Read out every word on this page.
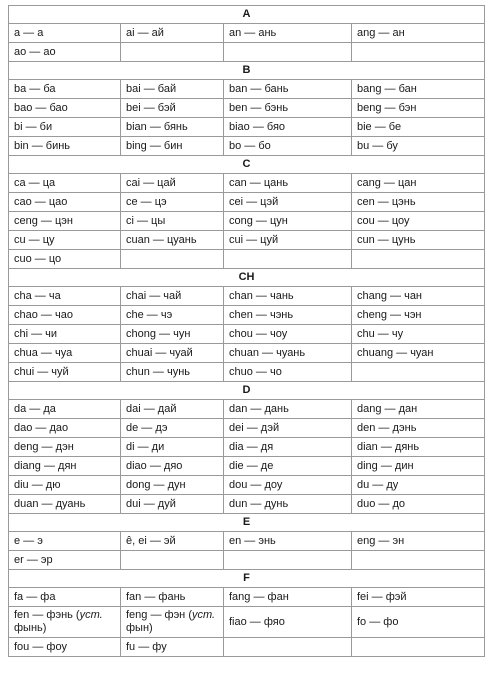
A			
a — а	ai — ай	an — ань	ang — ан
ao — ао			
B			
ba — ба	bai — бай	ban — бань	bang — бан
bao — бао	bei — бэй	ben — бэнь	beng — бэн
bi — би	bian — бянь	biao — бяо	bie — бе
bin — бинь	bing — бин	bo — бо	bu — бу
C			
ca — ца	cai — цай	can — цань	cang — цан
cao — цао	ce — цэ	cei — цэй	cen — цэнь
ceng — цэн	ci — цы	cong — цун	cou — цоу
cu — цу	cuan — цуань	cui — цуй	cun — цунь
cuo — цо			
CH			
cha — ча	chai — чай	chan — чань	chang — чан
chao — чао	che — чэ	chen — чэнь	cheng — чэн
chi — чи	chong — чун	chou — чоу	chu — чу
chua — чуа	chuai — чуай	chuan — чуань	chuang — чуан
chui — чуй	chun — чунь	chuo — чо	
D			
da — да	dai — дай	dan — дань	dang — дан
dao — дао	de — дэ	dei — дэй	den — дэнь
deng — дэн	di — ди	dia — дя	dian — дянь
diang — дян	diao — дяо	die — де	ding — дин
diu — дю	dong — дун	dou — доу	du — ду
duan — дуань	dui — дуй	dun — дунь	duo — до
E			
e — э	ê, ei — эй	en — энь	eng — эн
er — эр			
F			
fa — фа	fan — фань	fang — фан	fei — фэй
fen — фэнь (уст. фынь)	feng — фэн (уст. фын)	fiao — фяо	fo — фо
fou — фоу	fu — фу		
